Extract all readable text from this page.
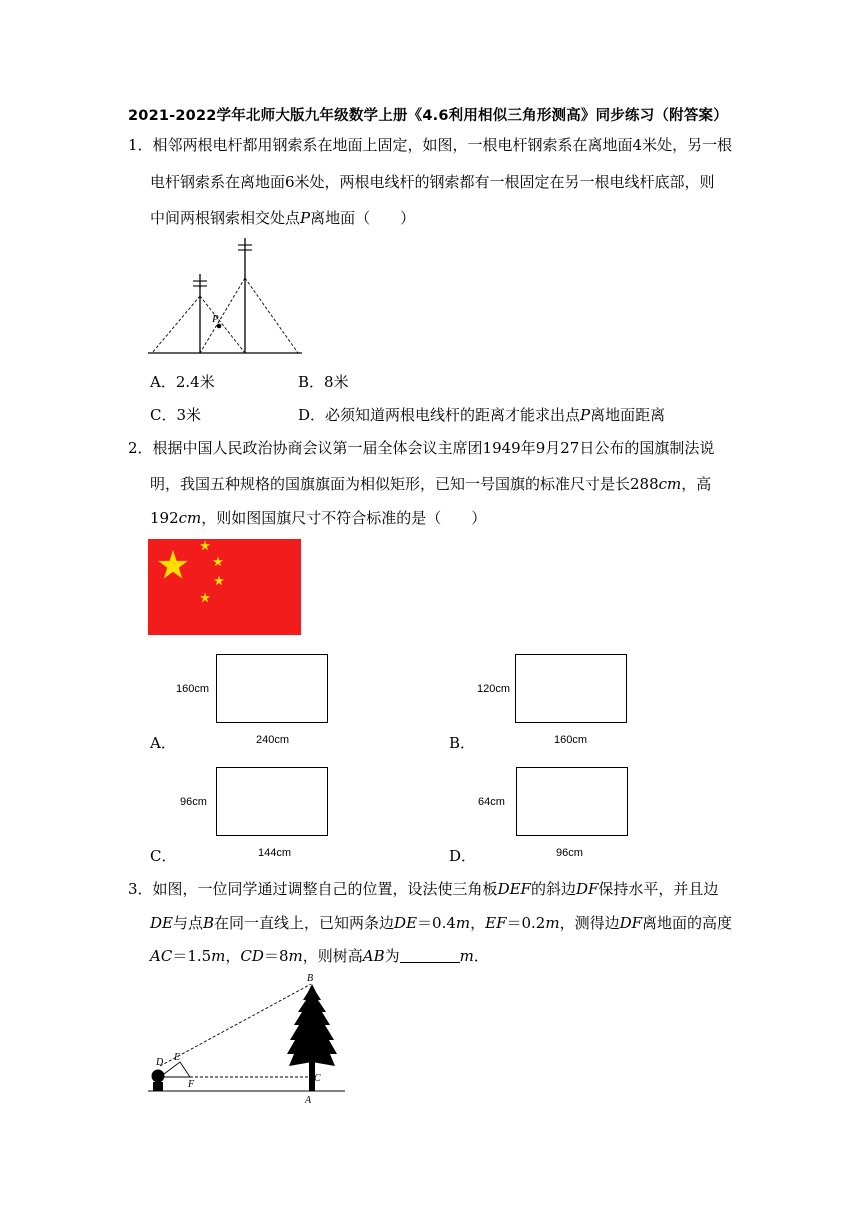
2021-2022学年北师大版九年级数学上册《4.6利用相似三角形测高》同步练习（附答案）
1．相邻两根电杆都用钢索系在地面上固定，如图，一根电杆钢索系在离地面4米处，另一根
电杆钢索系在离地面6米处，两根电线杆的钢索都有一根固定在另一根电线杆底部，则
中间两根钢索相交处点P离地面（　　）
P
A．2.4米	B．8米
C．3米	D．必须知道两根电线杆的距离才能求出点P离地面距离
2．根据中国人民政治协商会议第一届全体会议主席团1949年9月27日公布的国旗制法说
明，我国五种规格的国旗旗面为相似矩形，已知一号国旗的标准尺寸是长288cm，高
192cm，则如图国旗尺寸不符合标准的是（　　）
A．
160cm
240cm	B．
120cm
160cm
C．
96cm
144cm	D．
64cm
96cm
3．如图，一位同学通过调整自己的位置，设法使三角板DEF的斜边DF保持水平，并且边
DE与点B在同一直线上，已知两条边DE＝0.4m，EF＝0.2m，测得边DF离地面的高度
AC＝1.5m，CD＝8m，则树高AB为	m．
B
D E
F
C
A
